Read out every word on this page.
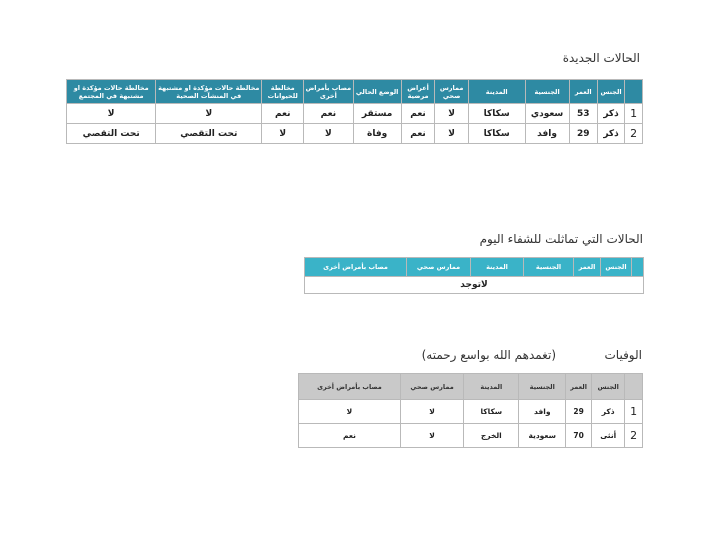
الحالات الجديدة
	الجنس	العمر	الجنسية	المدينة	ممارس صحي	أعراض مرضية	الوضع الحالي	مصاب بأمراض أخرى	مخالطة للحيوانات	مخالطة حالات مؤكدة او مشتبهة في المنشآت الصحية	مخالطة حالات مؤكدة او مشتبهة في المجتمع
1	ذكر	53	سعودي	سكاكا	لا	نعم	مستقر	نعم	نعم	لا	لا
2	ذكر	29	وافد	سكاكا	لا	نعم	وفاة	لا	لا	تحت التقصي	تحت التقصي
الحالات التي تماثلت للشفاء اليوم
	الجنس	العمر	الجنسية	المدينة	ممارس صحي	مصاب بأمراض أخرى
لاتوجد
الوفيات
(تغمدهم الله بواسع رحمته)
	الجنس	العمر	الجنسية	المدينة	ممارس صحي	مصاب بأمراض أخرى
1	ذكر	29	وافد	سكاكا	لا	لا
2	أنثى	70	سعودية	الخرج	لا	نعم
